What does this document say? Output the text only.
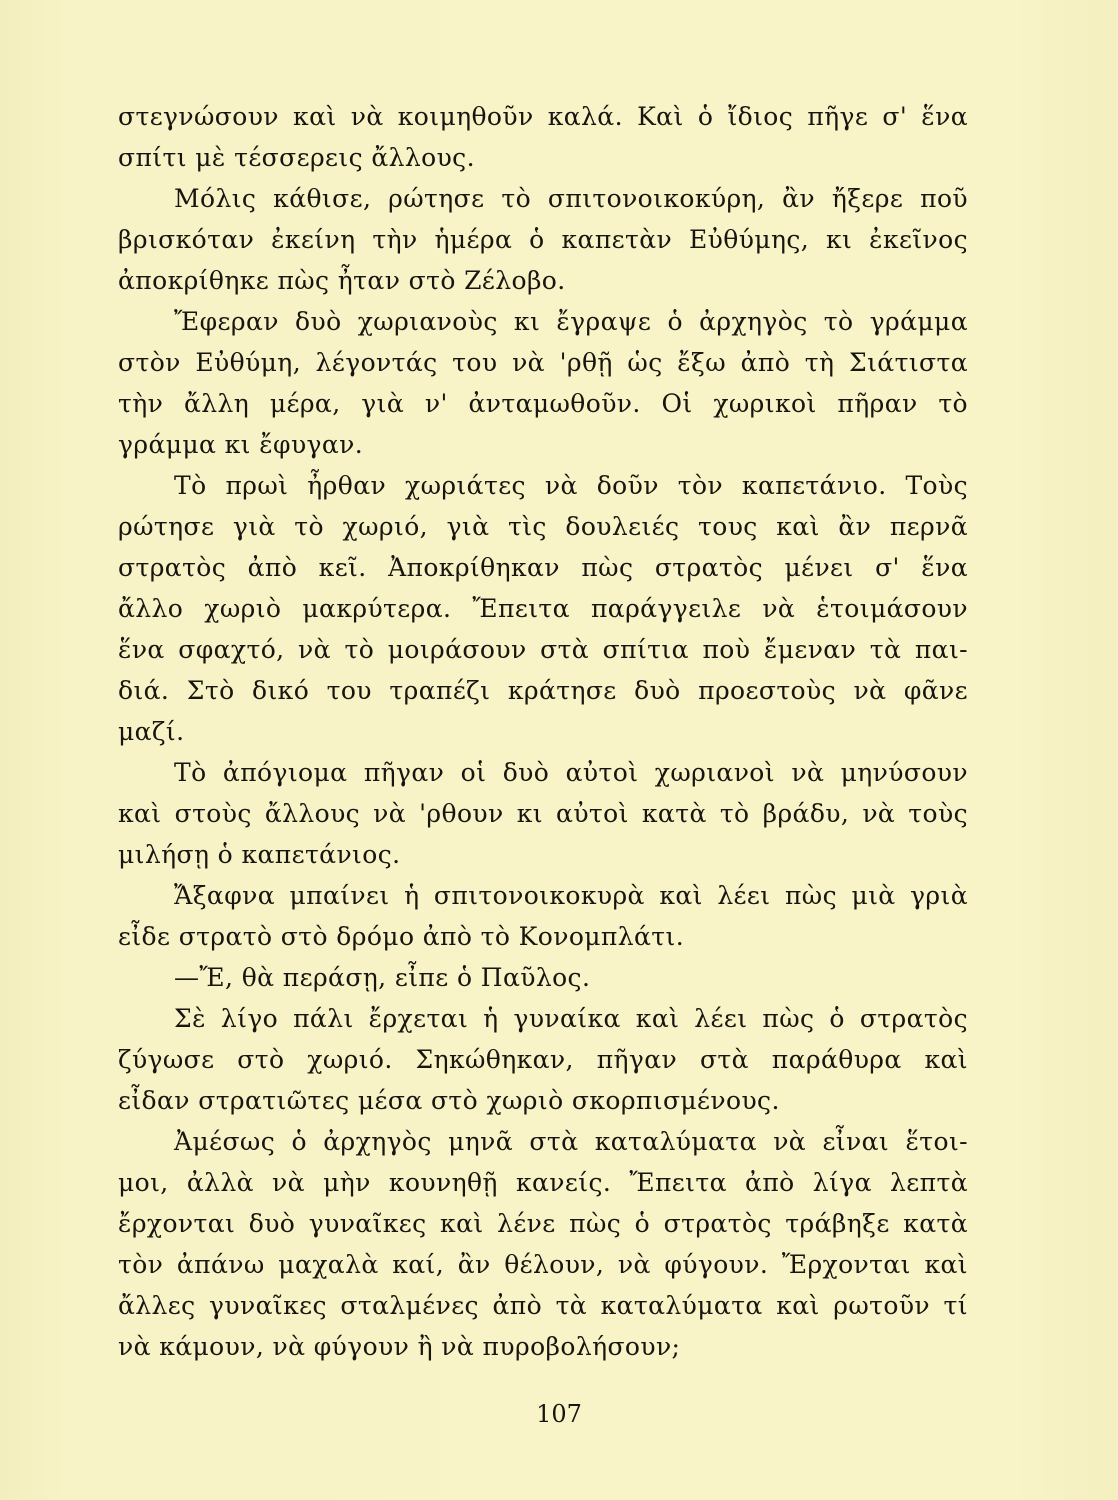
στεγνώσουν καὶ νὰ κοιμηθοῦν καλά. Καὶ ὁ ἴδιος πῆγε σ' ἕνα
σπίτι μὲ τέσσερεις ἄλλους.
Μόλις κάθισε, ρώτησε τὸ σπιτονοικοκύρη, ἂν ἤξερε ποῦ
βρισκόταν ἐκείνη τὴν ἡμέρα ὁ καπετὰν Εὐθύμης, κι ἐκεῖνος
ἀποκρίθηκε πὼς ἦταν στὸ Ζέλοβο.
Ἔφεραν δυὸ χωριανοὺς κι ἔγραψε ὁ ἀρχηγὸς τὸ γράμμα
στὸν Εὐθύμη, λέγοντάς του νὰ 'ρθῇ ὡς ἔξω ἀπὸ τὴ Σιάτιστα
τὴν ἄλλη μέρα, γιὰ ν' ἀνταμωθοῦν. Οἱ χωρικοὶ πῆραν τὸ
γράμμα κι ἔφυγαν.
Τὸ πρωὶ ἦρθαν χωριάτες νὰ δοῦν τὸν καπετάνιο. Τοὺς
ρώτησε γιὰ τὸ χωριό, γιὰ τὶς δουλειές τους καὶ ἂν περνᾶ
στρατὸς ἀπὸ κεῖ. Ἀποκρίθηκαν πὼς στρατὸς μένει σ' ἕνα
ἄλλο χωριὸ μακρύτερα. Ἔπειτα παράγγειλε νὰ ἑτοιμάσουν
ἕνα σφαχτό, νὰ τὸ μοιράσουν στὰ σπίτια ποὺ ἔμεναν τὰ παι-
διά. Στὸ δικό του τραπέζι κράτησε δυὸ προεστοὺς νὰ φᾶνε
μαζί.
Τὸ ἀπόγιομα πῆγαν οἱ δυὸ αὐτοὶ χωριανοὶ νὰ μηνύσουν
καὶ στοὺς ἄλλους νὰ 'ρθουν κι αὐτοὶ κατὰ τὸ βράδυ, νὰ τοὺς
μιλήσῃ ὁ καπετάνιος.
Ἄξαφνα μπαίνει ἡ σπιτονοικοκυρὰ καὶ λέει πὼς μιὰ γριὰ
εἶδε στρατὸ στὸ δρόμο ἀπὸ τὸ Κονομπλάτι.
—Ἔ, θὰ περάσῃ, εἶπε ὁ Παῦλος.
Σὲ λίγο πάλι ἔρχεται ἡ γυναίκα καὶ λέει πὼς ὁ στρατὸς
ζύγωσε στὸ χωριό. Σηκώθηκαν, πῆγαν στὰ παράθυρα καὶ
εἶδαν στρατιῶτες μέσα στὸ χωριὸ σκορπισμένους.
Ἀμέσως ὁ ἀρχηγὸς μηνᾶ στὰ καταλύματα νὰ εἶναι ἕτοι-
μοι, ἀλλὰ νὰ μὴν κουνηθῇ κανείς. Ἔπειτα ἀπὸ λίγα λεπτὰ
ἔρχονται δυὸ γυναῖκες καὶ λένε πὼς ὁ στρατὸς τράβηξε κατὰ
τὸν ἀπάνω μαχαλὰ καί, ἂν θέλουν, νὰ φύγουν. Ἔρχονται καὶ
ἄλλες γυναῖκες σταλμένες ἀπὸ τὰ καταλύματα καὶ ρωτοῦν τί
νὰ κάμουν, νὰ φύγουν ἢ νὰ πυροβολήσουν;
107
